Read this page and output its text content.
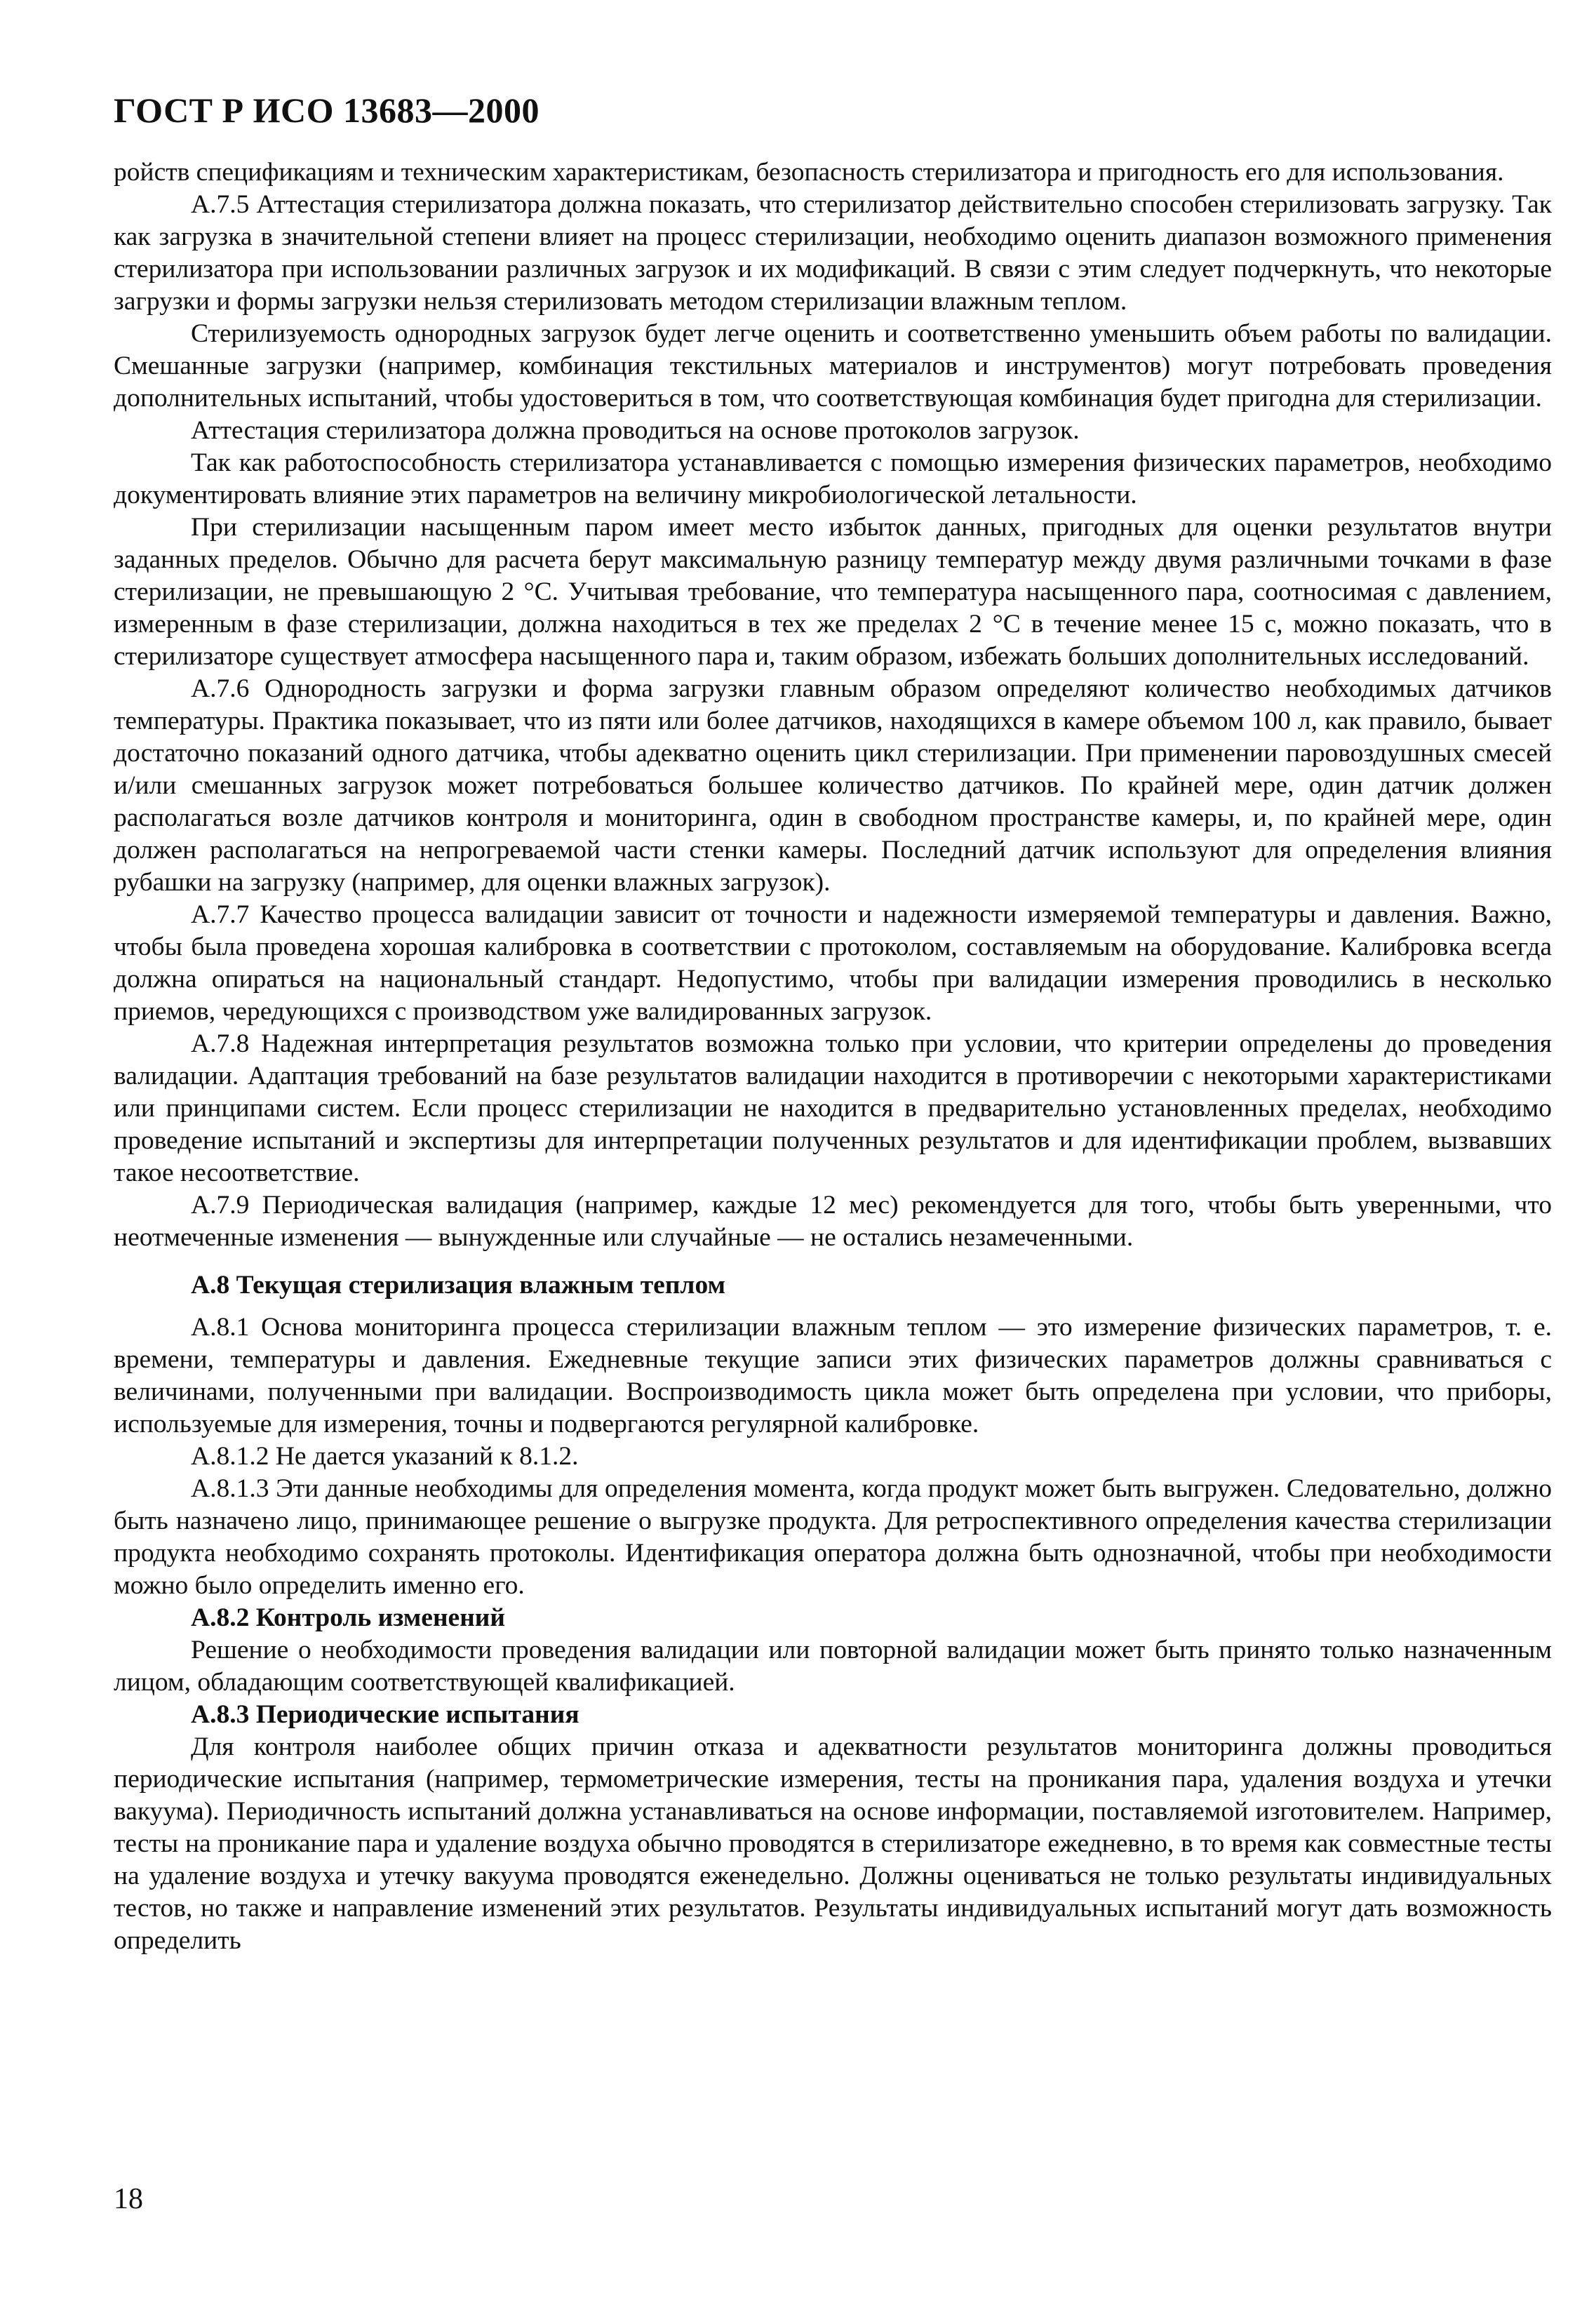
ГОСТ Р ИСО 13683—2000

ройств спецификациям и техническим характеристикам, безопасность стерилизатора и пригодность его для использования.

А.7.5 Аттестация стерилизатора должна показать, что стерилизатор действительно способен стерилизовать загрузку. Так как загрузка в значительной степени влияет на процесс стерилизации, необходимо оценить диапазон возможного применения стерилизатора при использовании различных загрузок и их модификаций. В связи с этим следует подчеркнуть, что некоторые загрузки и формы загрузки нельзя стерилизовать методом стерилизации влажным теплом.

Стерилизуемость однородных загрузок будет легче оценить и соответственно уменьшить объем работы по валидации. Смешанные загрузки (например, комбинация текстильных материалов и инструментов) могут потребовать проведения дополнительных испытаний, чтобы удостовериться в том, что соответствующая комбинация будет пригодна для стерилизации.

Аттестация стерилизатора должна проводиться на основе протоколов загрузок.

Так как работоспособность стерилизатора устанавливается с помощью измерения физических параметров, необходимо документировать влияние этих параметров на величину микробиологической летальности.

При стерилизации насыщенным паром имеет место избыток данных, пригодных для оценки результатов внутри заданных пределов. Обычно для расчета берут максимальную разницу температур между двумя различными точками в фазе стерилизации, не превышающую 2 °С. Учитывая требование, что температура насыщенного пара, соотносимая с давлением, измеренным в фазе стерилизации, должна находиться в тех же пределах 2 °С в течение менее 15 с, можно показать, что в стерилизаторе существует атмосфера насыщенного пара и, таким образом, избежать больших дополнительных исследований.

А.7.6 Однородность загрузки и форма загрузки главным образом определяют количество необходимых датчиков температуры. Практика показывает, что из пяти или более датчиков, находящихся в камере объемом 100 л, как правило, бывает достаточно показаний одного датчика, чтобы адекватно оценить цикл стерилизации. При применении паровоздушных смесей и/или смешанных загрузок может потребоваться большее количество датчиков. По крайней мере, один датчик должен располагаться возле датчиков контроля и мониторинга, один в свободном пространстве камеры, и, по крайней мере, один должен располагаться на непрогреваемой части стенки камеры. Последний датчик используют для определения влияния рубашки на загрузку (например, для оценки влажных загрузок).

А.7.7 Качество процесса валидации зависит от точности и надежности измеряемой температуры и давления. Важно, чтобы была проведена хорошая калибровка в соответствии с протоколом, составляемым на оборудование. Калибровка всегда должна опираться на национальный стандарт. Недопустимо, чтобы при валидации измерения проводились в несколько приемов, чередующихся с производством уже валидированных загрузок.

А.7.8 Надежная интерпретация результатов возможна только при условии, что критерии определены до проведения валидации. Адаптация требований на базе результатов валидации находится в противоречии с некоторыми характеристиками или принципами систем. Если процесс стерилизации не находится в предварительно установленных пределах, необходимо проведение испытаний и экспертизы для интерпретации полученных результатов и для идентификации проблем, вызвавших такое несоответствие.

А.7.9 Периодическая валидация (например, каждые 12 мес) рекомендуется для того, чтобы быть уверенными, что неотмеченные изменения — вынужденные или случайные — не остались незамеченными.

А.8 Текущая стерилизация влажным теплом

А.8.1 Основа мониторинга процесса стерилизации влажным теплом — это измерение физических параметров, т. е. времени, температуры и давления. Ежедневные текущие записи этих физических параметров должны сравниваться с величинами, полученными при валидации. Воспроизводимость цикла может быть определена при условии, что приборы, используемые для измерения, точны и подвергаются регулярной калибровке.

А.8.1.2 Не дается указаний к 8.1.2.

А.8.1.3 Эти данные необходимы для определения момента, когда продукт может быть выгружен. Следовательно, должно быть назначено лицо, принимающее решение о выгрузке продукта. Для ретроспективного определения качества стерилизации продукта необходимо сохранять протоколы. Идентификация оператора должна быть однозначной, чтобы при необходимости можно было определить именно его.

А.8.2 Контроль изменений

Решение о необходимости проведения валидации или повторной валидации может быть принято только назначенным лицом, обладающим соответствующей квалификацией.

А.8.3 Периодические испытания

Для контроля наиболее общих причин отказа и адекватности результатов мониторинга должны проводиться периодические испытания (например, термометрические измерения, тесты на проникания пара, удаления воздуха и утечки вакуума). Периодичность испытаний должна устанавливаться на основе информации, поставляемой изготовителем. Например, тесты на проникание пара и удаление воздуха обычно проводятся в стерилизаторе ежедневно, в то время как совместные тесты на удаление воздуха и утечку вакуума проводятся еженедельно. Должны оцениваться не только результаты индивидуальных тестов, но также и направление изменений этих результатов. Результаты индивидуальных испытаний могут дать возможность определить

18
